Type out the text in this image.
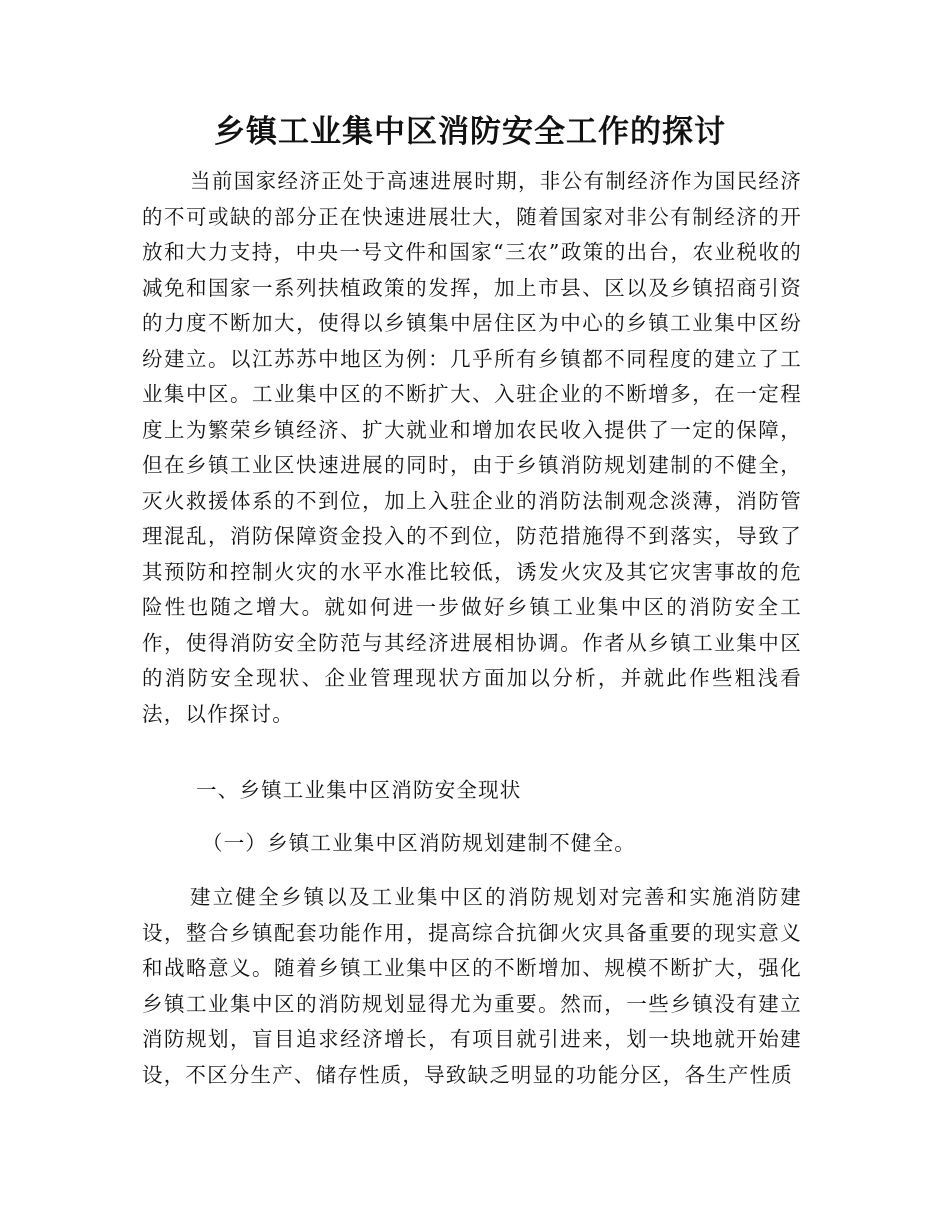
乡镇工业集中区消防安全工作的探讨

当前国家经济正处于高速进展时期，非公有制经济作为国民经济的不可或缺的部分正在快速进展壮大，随着国家对非公有制经济的开放和大力支持，中央一号文件和国家“三农”政策的出台，农业税收的减免和国家一系列扶植政策的发挥，加上市县、区以及乡镇招商引资的力度不断加大，使得以乡镇集中居住区为中心的乡镇工业集中区纷纷建立。以江苏苏中地区为例：几乎所有乡镇都不同程度的建立了工业集中区。工业集中区的不断扩大、入驻企业的不断增多，在一定程度上为繁荣乡镇经济、扩大就业和增加农民收入提供了一定的保障，但在乡镇工业区快速进展的同时，由于乡镇消防规划建制的不健全，灭火救援体系的不到位，加上入驻企业的消防法制观念淡薄，消防管理混乱，消防保障资金投入的不到位，防范措施得不到落实，导致了其预防和控制火灾的水平水准比较低，诱发火灾及其它灾害事故的危险性也随之增大。就如何进一步做好乡镇工业集中区的消防安全工作，使得消防安全防范与其经济进展相协调。作者从乡镇工业集中区的消防安全现状、企业管理现状方面加以分析，并就此作些粗浅看法，以作探讨。

一、乡镇工业集中区消防安全现状

（一）乡镇工业集中区消防规划建制不健全。

建立健全乡镇以及工业集中区的消防规划对完善和实施消防建设，整合乡镇配套功能作用，提高综合抗御火灾具备重要的现实意义和战略意义。随着乡镇工业集中区的不断增加、规模不断扩大，强化乡镇工业集中区的消防规划显得尤为重要。然而，一些乡镇没有建立消防规划，盲目追求经济增长，有项目就引进来，划一块地就开始建设，不区分生产、储存性质，导致缺乏明显的功能分区，各生产性质
